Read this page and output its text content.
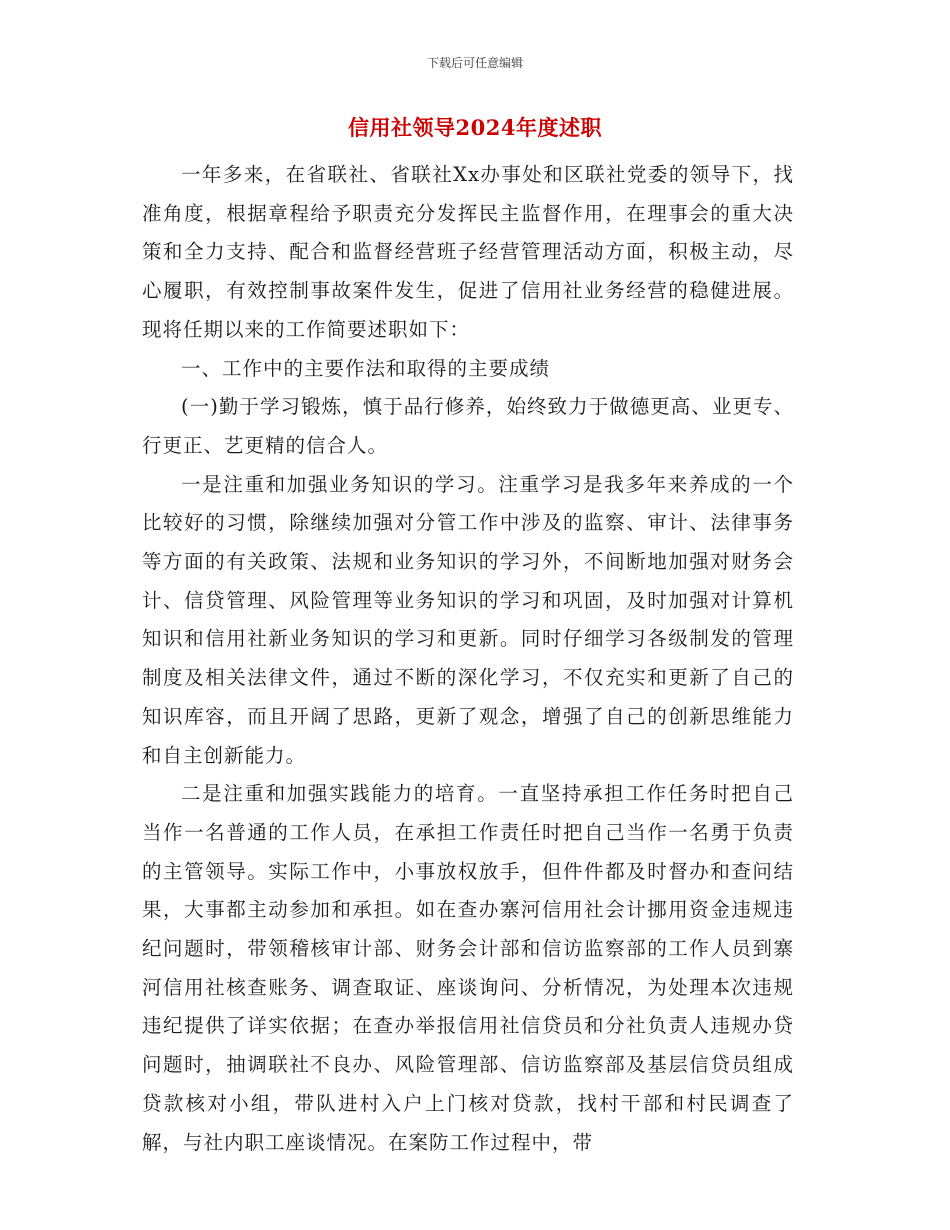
下载后可任意编辑
信用社领导2024年度述职

一年多来，在省联社、省联社Xx办事处和区联社党委的领导下，找准角度，根据章程给予职责充分发挥民主监督作用，在理事会的重大决策和全力支持、配合和监督经营班子经营管理活动方面，积极主动，尽心履职，有效控制事故案件发生，促进了信用社业务经营的稳健进展。现将任期以来的工作简要述职如下：

一、工作中的主要作法和取得的主要成绩

(一)勤于学习锻炼，慎于品行修养，始终致力于做德更高、业更专、行更正、艺更精的信合人。

一是注重和加强业务知识的学习。注重学习是我多年来养成的一个比较好的习惯，除继续加强对分管工作中涉及的监察、审计、法律事务等方面的有关政策、法规和业务知识的学习外，不间断地加强对财务会计、信贷管理、风险管理等业务知识的学习和巩固，及时加强对计算机知识和信用社新业务知识的学习和更新。同时仔细学习各级制发的管理制度及相关法律文件，通过不断的深化学习，不仅充实和更新了自己的知识库容，而且开阔了思路，更新了观念，增强了自己的创新思维能力和自主创新能力。

二是注重和加强实践能力的培育。一直坚持承担工作任务时把自己当作一名普通的工作人员，在承担工作责任时把自己当作一名勇于负责的主管领导。实际工作中，小事放权放手，但件件都及时督办和查问结果，大事都主动参加和承担。如在查办寨河信用社会计挪用资金违规违纪问题时，带领稽核审计部、财务会计部和信访监察部的工作人员到寨河信用社核查账务、调查取证、座谈询问、分析情况，为处理本次违规违纪提供了详实依据；在查办举报信用社信贷员和分社负责人违规办贷问题时，抽调联社不良办、风险管理部、信访监察部及基层信贷员组成贷款核对小组，带队进村入户上门核对贷款，找村干部和村民调查了解，与社内职工座谈情况。在案防工作过程中，带
